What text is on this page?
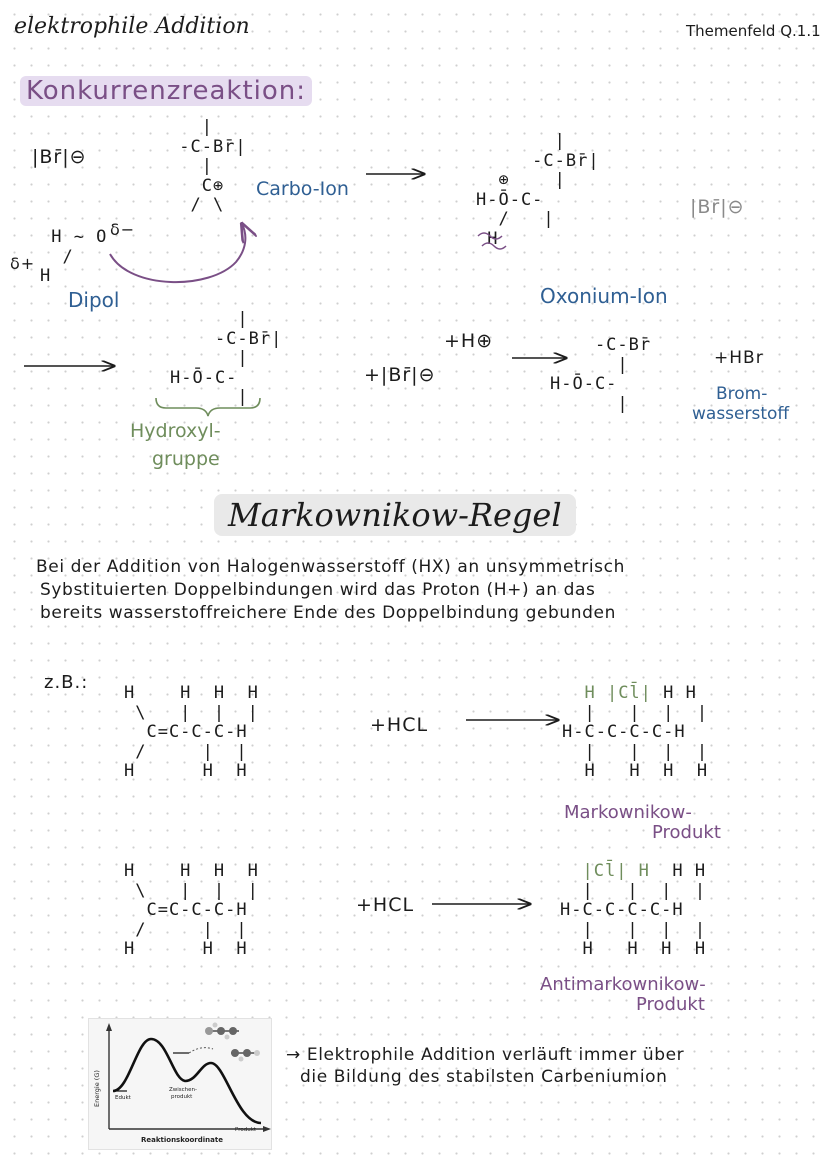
elektrophile Addition	Themenfeld Q.1.1
Konkurrenzreaktion:
|Br̄|⊖
|
-C-Br̄|
|
C⊕
/ \
Carbo-Ion
H ~ O
/
H
δ−
δ+
Dipol
|
-C-Br̄|
⊕    |
H-Ō-C-
/   |
H
|Br̄|⊖
Oxonium-Ion
|
-C-Br̄|
|
H-Ō-C-
|
Hydroxyl-
gruppe
+H⊕
+|Br̄|⊖
-C-Br̄
|
H-Ō-C-
|
+HBr
Brom-
wasserstoff
Markownikow-Regel
Bei der Addition von Halogenwasserstoff (HX) an unsymmetrisch
Sybstituierten Doppelbindungen wird das Proton (H+) an das
bereits wasserstoffreichere Ende des Doppelbindung gebunden
z.B.: H    H  H  H
\   |  |  |
C=C-C-C-H
/     |  |
H      H  H
+HCL
H |Cl̄| H H
|   |  |  |
H-C-C-C-C-H
|   |  |  |
H   H  H  H
Markownikow-
Produkt
H    H  H  H
\   |  |  |
C=C-C-C-H
/     |  |
H      H  H
+HCL
|Cl̄| H  H H
|   |  |  |
H-C-C-C-C-H
|   |  |  |
H   H  H  H
Antimarkownikow-
Produkt
Energie (G)
Reaktionskoordinate
Edukt
Zwischen-
produkt
Produkt
→ Elektrophile Addition verläuft immer über
die Bildung des stabilsten Carbeniumion
